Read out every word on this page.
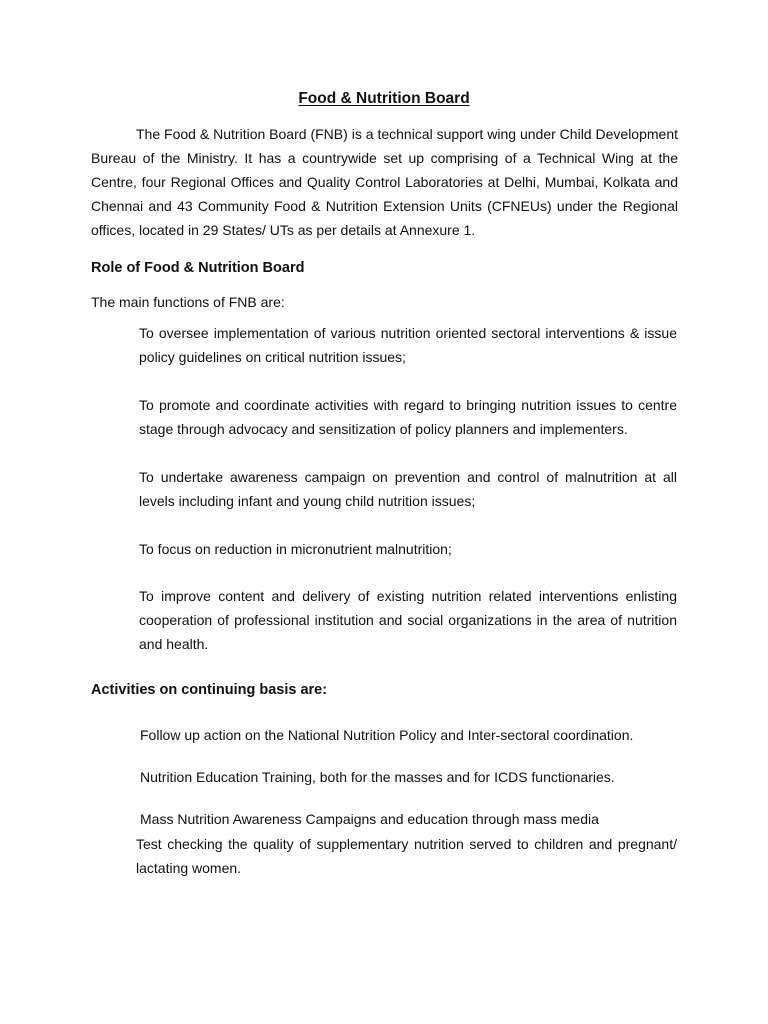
Food & Nutrition Board

The Food & Nutrition Board (FNB) is a technical support wing under Child Development Bureau of the Ministry. It has a countrywide set up comprising of a Technical Wing at the Centre, four Regional Offices and Quality Control Laboratories at Delhi, Mumbai, Kolkata and Chennai and 43 Community Food & Nutrition Extension Units (CFNEUs) under the Regional offices, located in 29 States/ UTs as per details at Annexure 1.

Role of Food & Nutrition Board

The main functions of FNB are:

To oversee implementation of various nutrition oriented sectoral interventions & issue policy guidelines on critical nutrition issues;

To promote and coordinate activities with regard to bringing nutrition issues to centre stage through advocacy and sensitization of policy planners and implementers.

To undertake awareness campaign on prevention and control of malnutrition at all levels including infant and young child nutrition issues;

To focus on reduction in micronutrient malnutrition;

To improve content and delivery of existing nutrition related interventions enlisting cooperation of professional institution and social organizations in the area of nutrition and health.

Activities on continuing basis are:

Follow up action on the National Nutrition Policy and Inter-sectoral coordination.

Nutrition Education Training, both for the masses and for ICDS functionaries.

Mass Nutrition Awareness Campaigns and education through mass media

Test checking the quality of supplementary nutrition served to children and pregnant/ lactating women.
